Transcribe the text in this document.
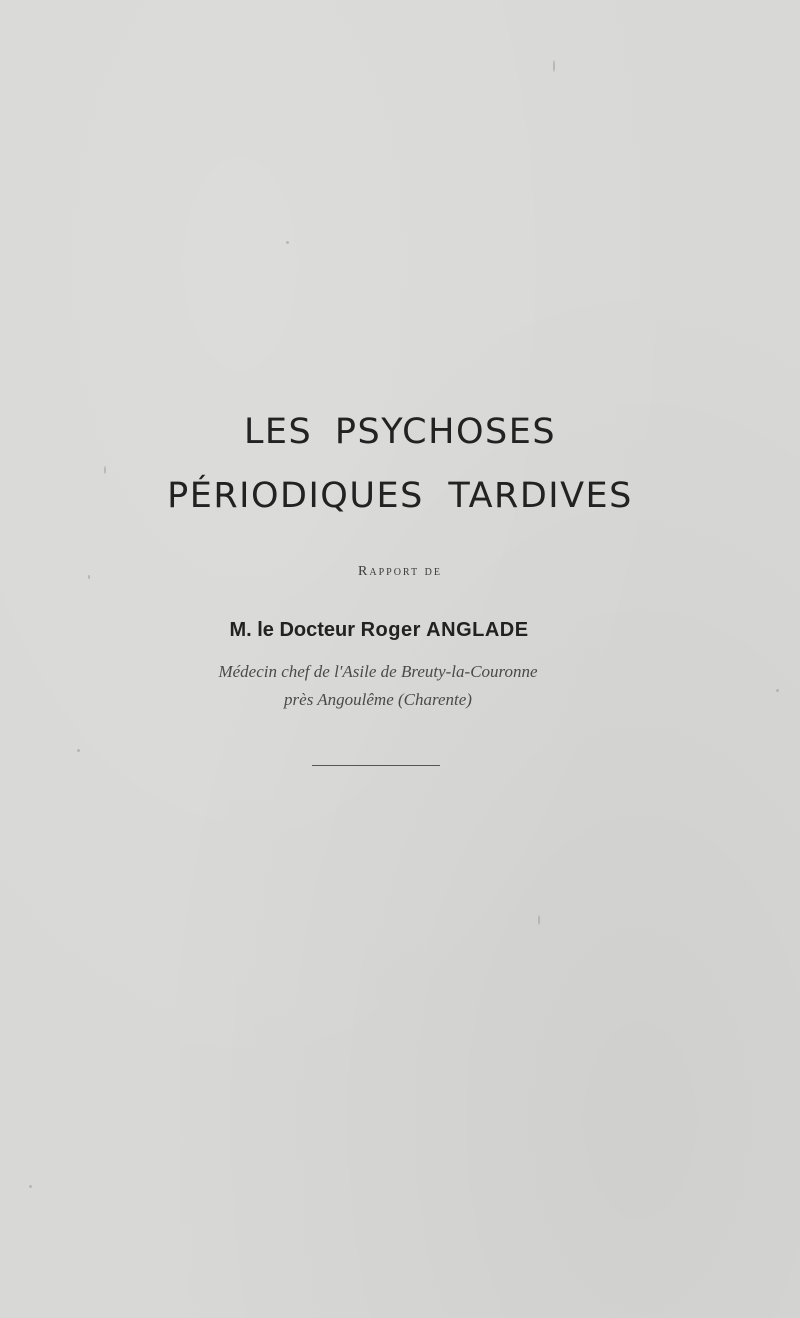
LES PSYCHOSES
PÉRIODIQUES TARDIVES
Rapport de
M. le Docteur Roger ANGLADE
Médecin chef de l'Asile de Breuty-la-Couronne
près Angoulême (Charente)
